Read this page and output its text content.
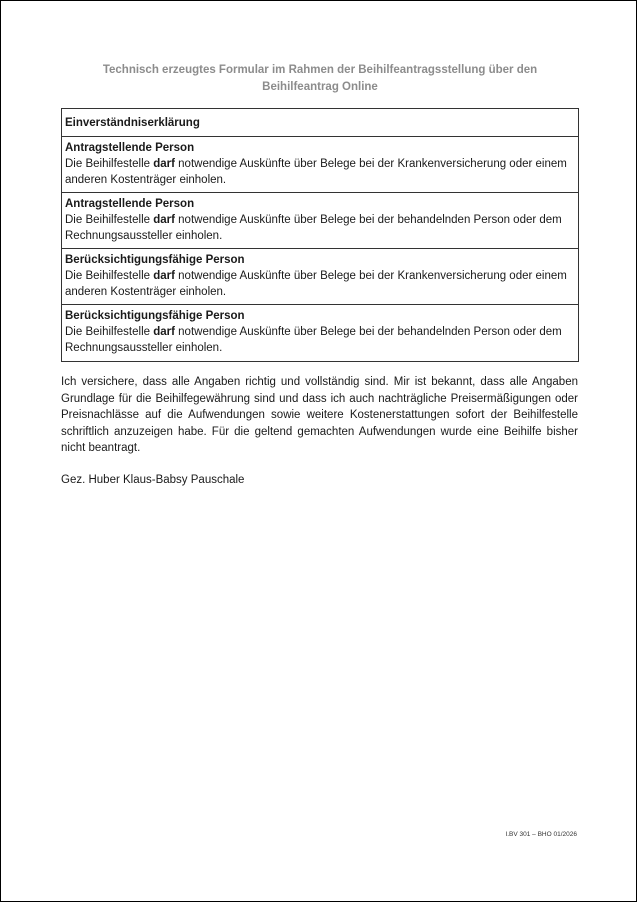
Technisch erzeugtes Formular im Rahmen der Beihilfeantragsstellung über den
Beihilfeantrag Online
Einverständniserklärung
Antragstellende Person
Die Beihilfestelle darf notwendige Auskünfte über Belege bei der Krankenversicherung oder einem anderen Kostenträger einholen.
Antragstellende Person
Die Beihilfestelle darf notwendige Auskünfte über Belege bei der behandelnden Person oder dem Rechnungsaussteller einholen.
Berücksichtigungsfähige Person
Die Beihilfestelle darf notwendige Auskünfte über Belege bei der Krankenversicherung oder einem anderen Kostenträger einholen.
Berücksichtigungsfähige Person
Die Beihilfestelle darf notwendige Auskünfte über Belege bei der behandelnden Person oder dem Rechnungsaussteller einholen.
Ich versichere, dass alle Angaben richtig und vollständig sind. Mir ist bekannt, dass alle Angaben Grundlage für die Beihilfegewährung sind und dass ich auch nachträgliche Preisermäßigungen oder Preisnachlässe auf die Aufwendungen sowie weitere Kostenerstattungen sofort der Beihilfestelle schriftlich anzuzeigen habe. Für die geltend gemachten Aufwendungen wurde eine Beihilfe bisher nicht beantragt.
Gez. Huber Klaus-Babsy Pauschale
I.BV 301 – BHO 01/2026
